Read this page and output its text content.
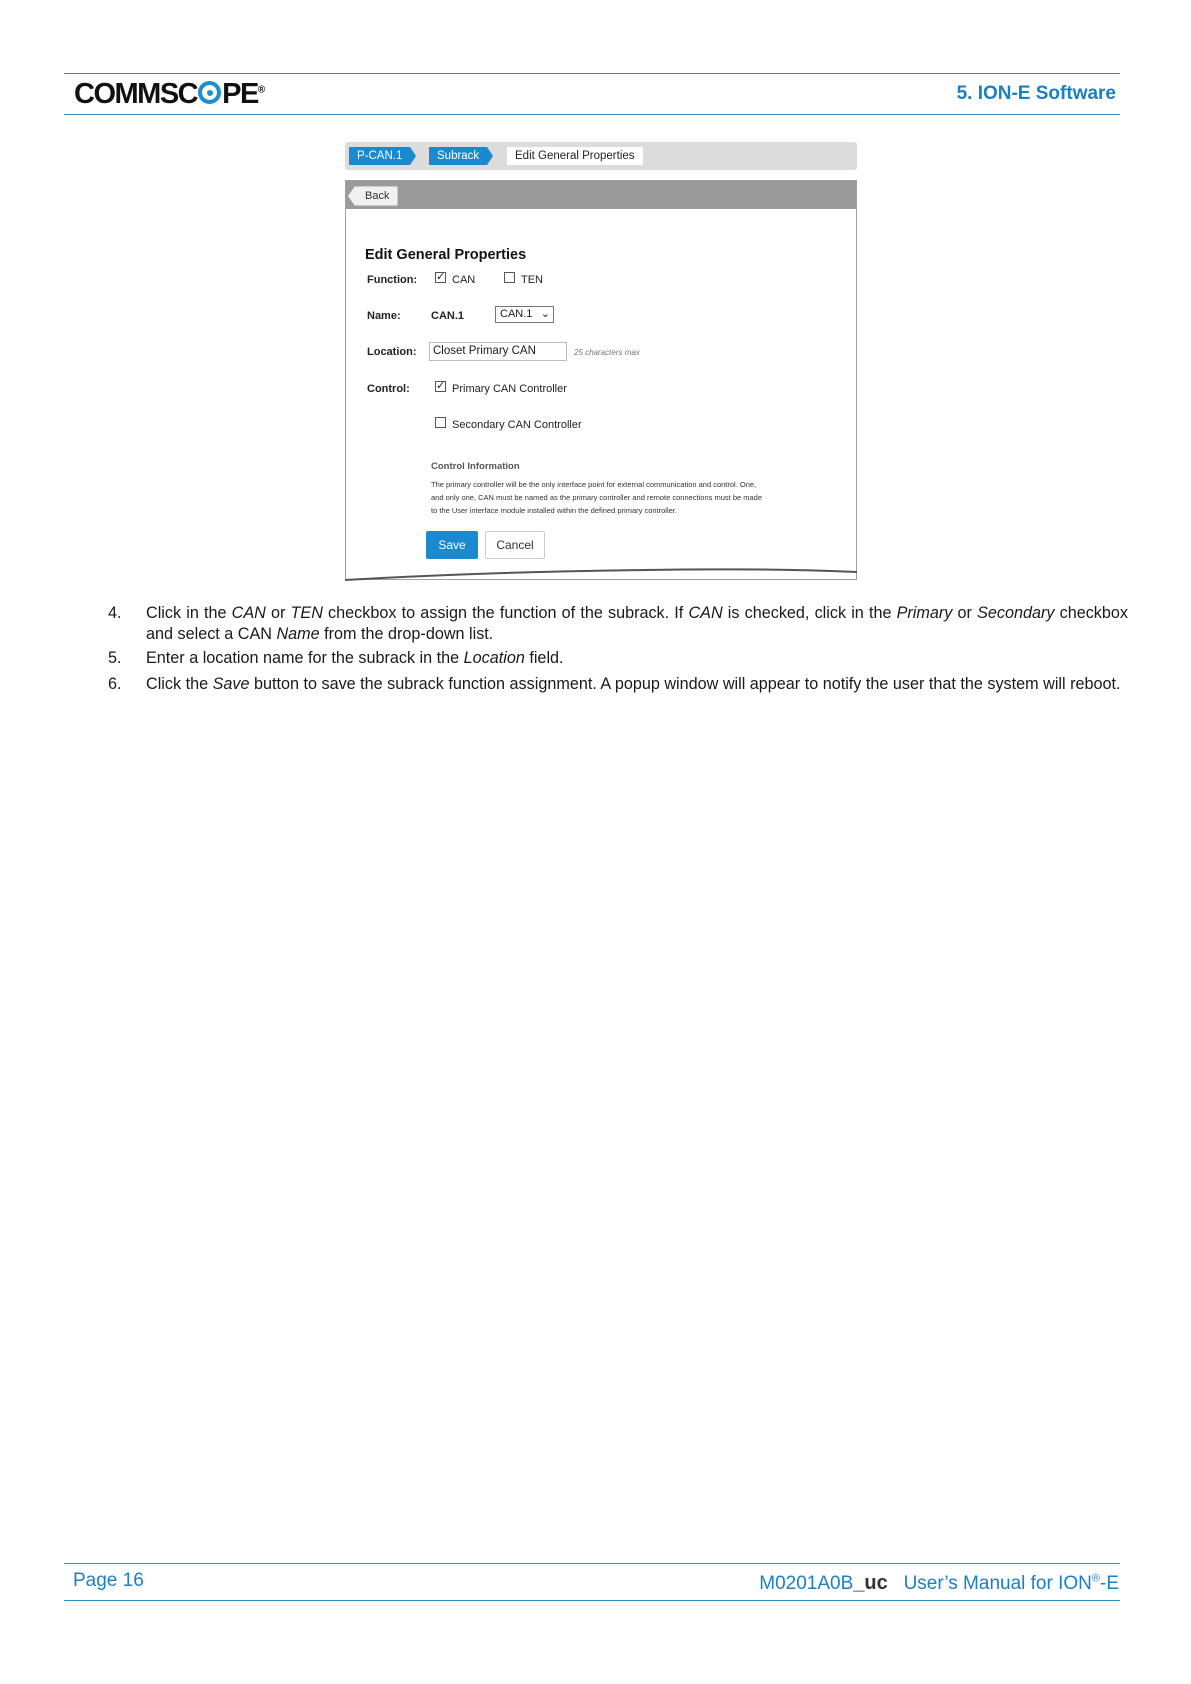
COMMSC PE®	5. ION-E Software
P-CAN.1	Subrack	Edit General Properties
Back
Edit General Properties
Function: ✓ CAN	TEN
Name:	CAN.1	CAN.1 ⌄
Location:	Closet Primary CAN	25 characters max
Control: ✓ Primary CAN Controller
Secondary CAN Controller
Control Information
The primary controller will be the only interface point for external communication and control. One,
and only one, CAN must be named as the primary controller and remote connections must be made
to the User interface module installed within the defined primary controller.
Save	Cancel
4. Click in the CAN or TEN checkbox to assign the function of the subrack. If CAN is checked, click in the Primary or Secondary checkbox and select a CAN Name from the drop-down list.
5. Enter a location name for the subrack in the Location field.
6. Click the Save button to save the subrack function assignment. A popup window will appear to notify the user that the system will reboot.
Page 16	M0201A0B_uc User’s Manual for ION®-E
